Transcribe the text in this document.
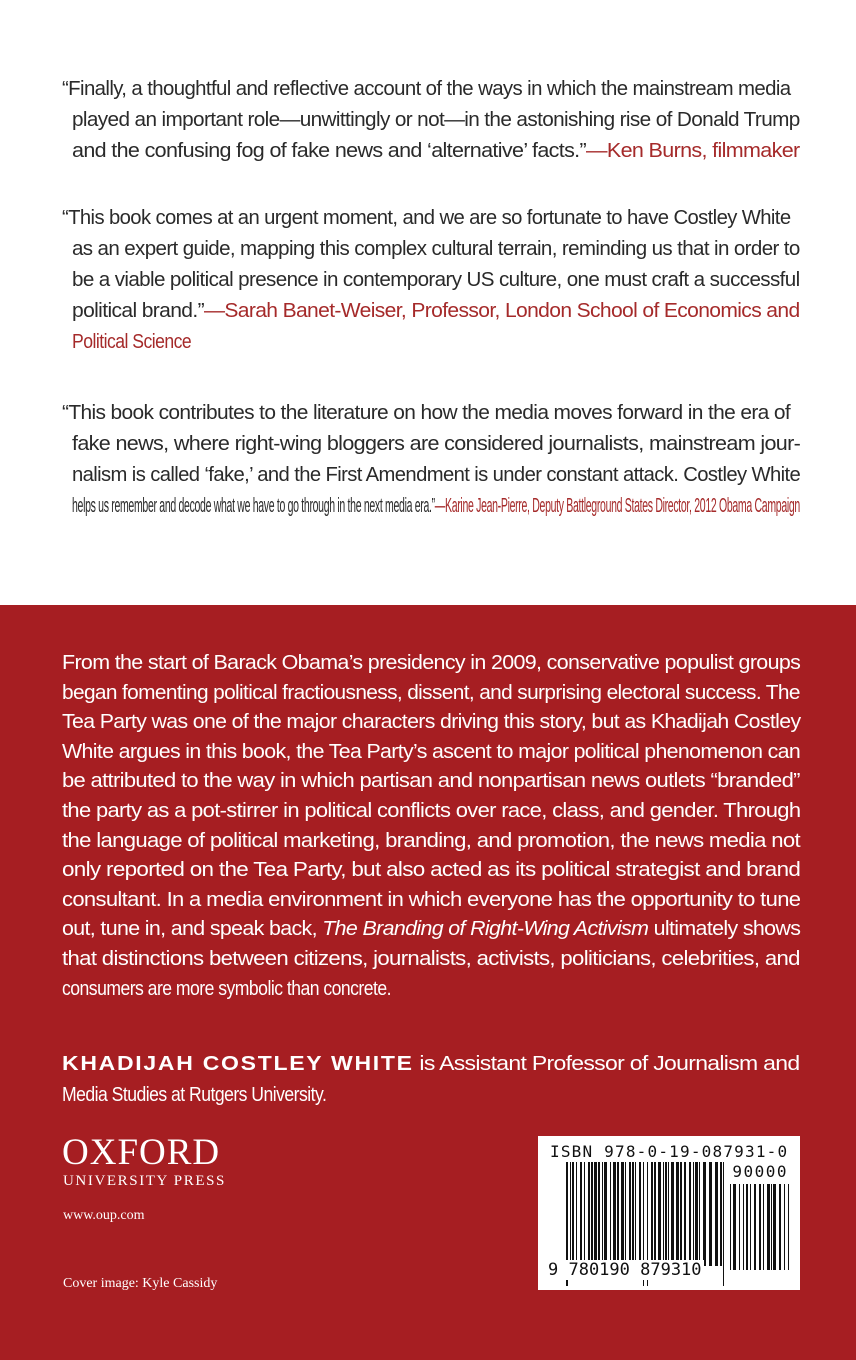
“Finally, a thoughtful and reflective account of the ways in which the mainstream media
played an important role—unwittingly or not—in the astonishing rise of Donald Trump
and the confusing fog of fake news and ‘alternative’ facts.”—Ken Burns, filmmaker
“This book comes at an urgent moment, and we are so fortunate to have Costley White
as an expert guide, mapping this complex cultural terrain, reminding us that in order to
be a viable political presence in contemporary US culture, one must craft a successful
political brand.”—Sarah Banet-Weiser, Professor, London School of Economics and
Political Science
“This book contributes to the literature on how the media moves forward in the era of
fake news, where right-wing bloggers are considered journalists, mainstream jour-
nalism is called ‘fake,’ and the First Amendment is under constant attack. Costley White
helps us remember and decode what we have to go through in the next media era.”—Karine Jean-Pierre, Deputy Battleground States Director, 2012 Obama Campaign
From the start of Barack Obama’s presidency in 2009, conservative populist groups
began fomenting political fractiousness, dissent, and surprising electoral success. The
Tea Party was one of the major characters driving this story, but as Khadijah Costley
White argues in this book, the Tea Party’s ascent to major political phenomenon can
be attributed to the way in which partisan and nonpartisan news outlets “branded”
the party as a pot-stirrer in political conflicts over race, class, and gender. Through
the language of political marketing, branding, and promotion, the news media not
only reported on the Tea Party, but also acted as its political strategist and brand
consultant. In a media environment in which everyone has the opportunity to tune
out, tune in, and speak back, The Branding of Right-Wing Activism ultimately shows
that distinctions between citizens, journalists, activists, politicians, celebrities, and
consumers are more symbolic than concrete.
KHADIJAH COSTLEY WHITE is Assistant Professor of Journalism and
Media Studies at Rutgers University.
OXFORD
UNIVERSITY PRESS
www.oup.com
Cover image: Kyle Cassidy
ISBN 978-0-19-087931-0
90000
9 780190 879310
